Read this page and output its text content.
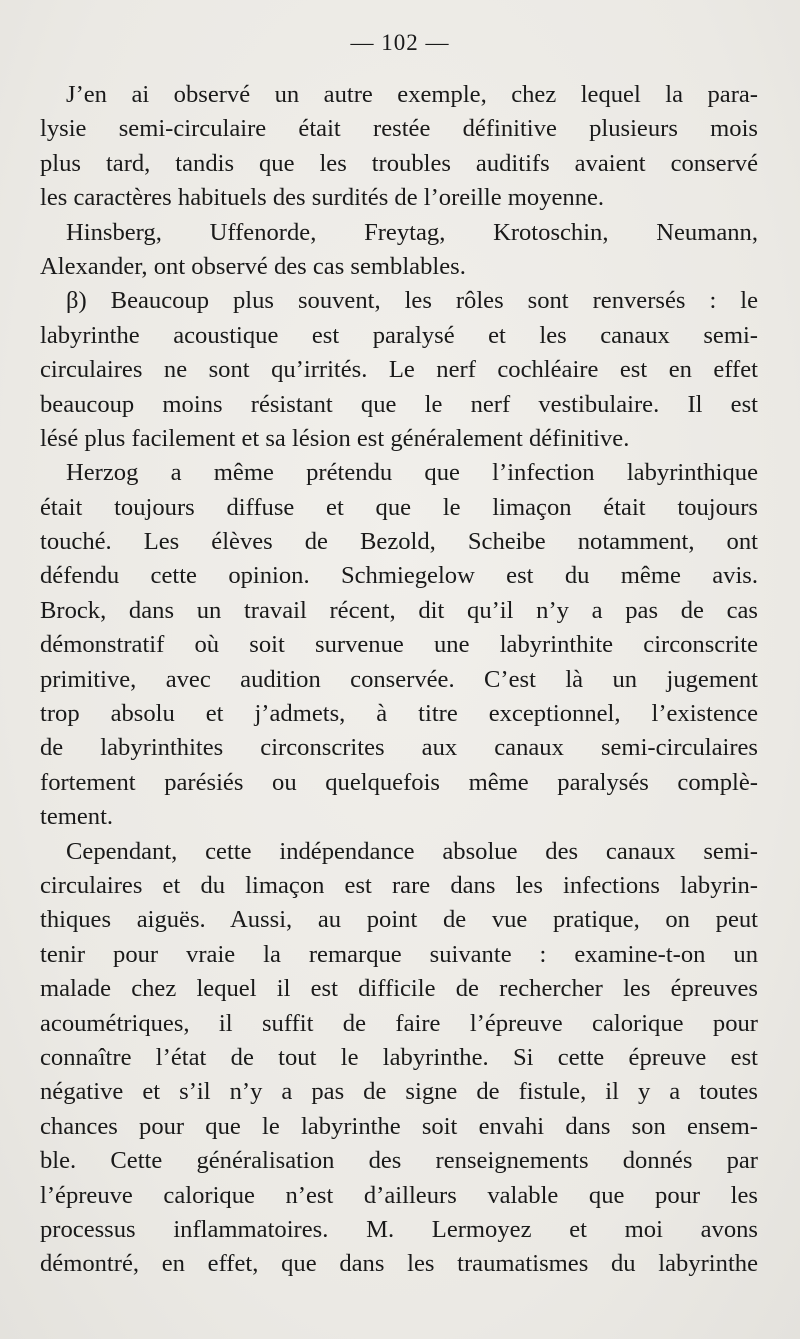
— 102 —
J’en ai observé un autre exemple, chez lequel la para-
lysie semi-circulaire était restée définitive plusieurs mois
plus tard, tandis que les troubles auditifs avaient conservé
les caractères habituels des surdités de l’oreille moyenne.
Hinsberg, Uffenorde, Freytag, Krotoschin, Neumann,
Alexander, ont observé des cas semblables.
β) Beaucoup plus souvent, les rôles sont renversés : le
labyrinthe acoustique est paralysé et les canaux semi-
circulaires ne sont qu’irrités. Le nerf cochléaire est en effet
beaucoup moins résistant que le nerf vestibulaire. Il est
lésé plus facilement et sa lésion est généralement définitive.
Herzog a même prétendu que l’infection labyrinthique
était toujours diffuse et que le limaçon était toujours
touché. Les élèves de Bezold, Scheibe notamment, ont
défendu cette opinion. Schmiegelow est du même avis.
Brock, dans un travail récent, dit qu’il n’y a pas de cas
démonstratif où soit survenue une labyrinthite circonscrite
primitive, avec audition conservée. C’est là un jugement
trop absolu et j’admets, à titre exceptionnel, l’existence
de labyrinthites circonscrites aux canaux semi-circulaires
fortement parésiés ou quelquefois même paralysés complè-
tement.
Cependant, cette indépendance absolue des canaux semi-
circulaires et du limaçon est rare dans les infections labyrin-
thiques aiguës. Aussi, au point de vue pratique, on peut
tenir pour vraie la remarque suivante : examine-t-on un
malade chez lequel il est difficile de rechercher les épreuves
acoumétriques, il suffit de faire l’épreuve calorique pour
connaître l’état de tout le labyrinthe. Si cette épreuve est
négative et s’il n’y a pas de signe de fistule, il y a toutes
chances pour que le labyrinthe soit envahi dans son ensem-
ble. Cette généralisation des renseignements donnés par
l’épreuve calorique n’est d’ailleurs valable que pour les
processus inflammatoires. M. Lermoyez et moi avons
démontré, en effet, que dans les traumatismes du labyrinthe
